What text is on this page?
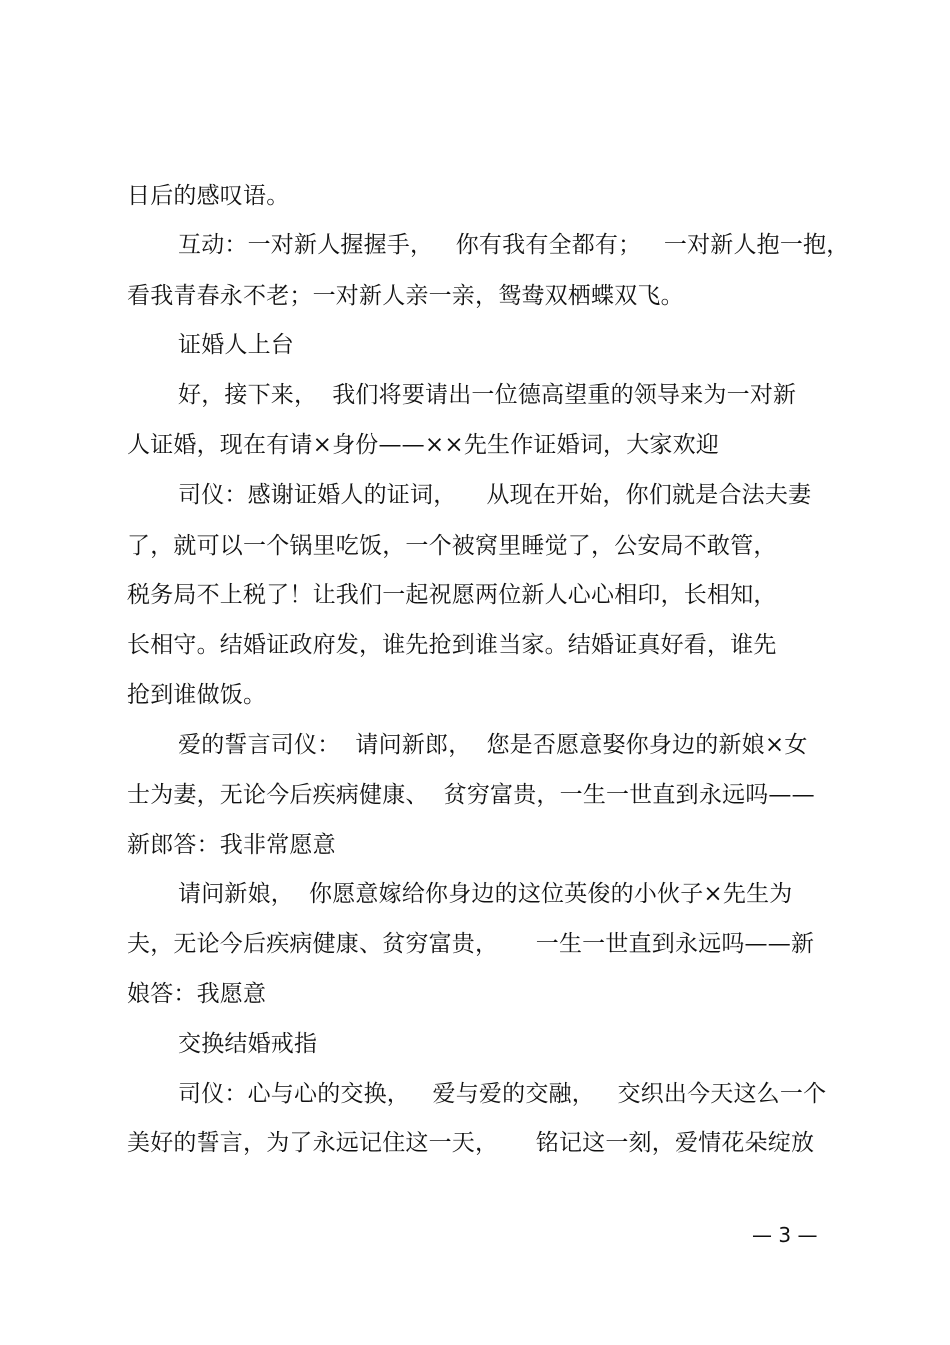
日后的感叹语。
互动：一对新人握握手，   你有我有全都有；   一对新人抱一抱，
看我青春永不老；一对新人亲一亲，鸳鸯双栖蝶双飞。
证婚人上台
好，接下来，  我们将要请出一位德高望重的领导来为一对新
人证婚，现在有请×身份——××先生作证婚词，大家欢迎
司仪：感谢证婚人的证词，    从现在开始，你们就是合法夫妻
了，就可以一个锅里吃饭，一个被窝里睡觉了，公安局不敢管，
税务局不上税了！让我们一起祝愿两位新人心心相印，长相知，
长相守。结婚证政府发，谁先抢到谁当家。结婚证真好看，谁先
抢到谁做饭。
爱的誓言司仪：  请问新郎，  您是否愿意娶你身边的新娘×女
士为妻，无论今后疾病健康、  贫穷富贵，一生一世直到永远吗——
新郎答：我非常愿意
请问新娘，  你愿意嫁给你身边的这位英俊的小伙子×先生为
夫，无论今后疾病健康、贫穷富贵，     一生一世直到永远吗——新
娘答：我愿意
交换结婚戒指
司仪：心与心的交换，   爱与爱的交融，   交织出今天这么一个
美好的誓言，为了永远记住这一天，     铭记这一刻，爱情花朵绽放
— 3 —
